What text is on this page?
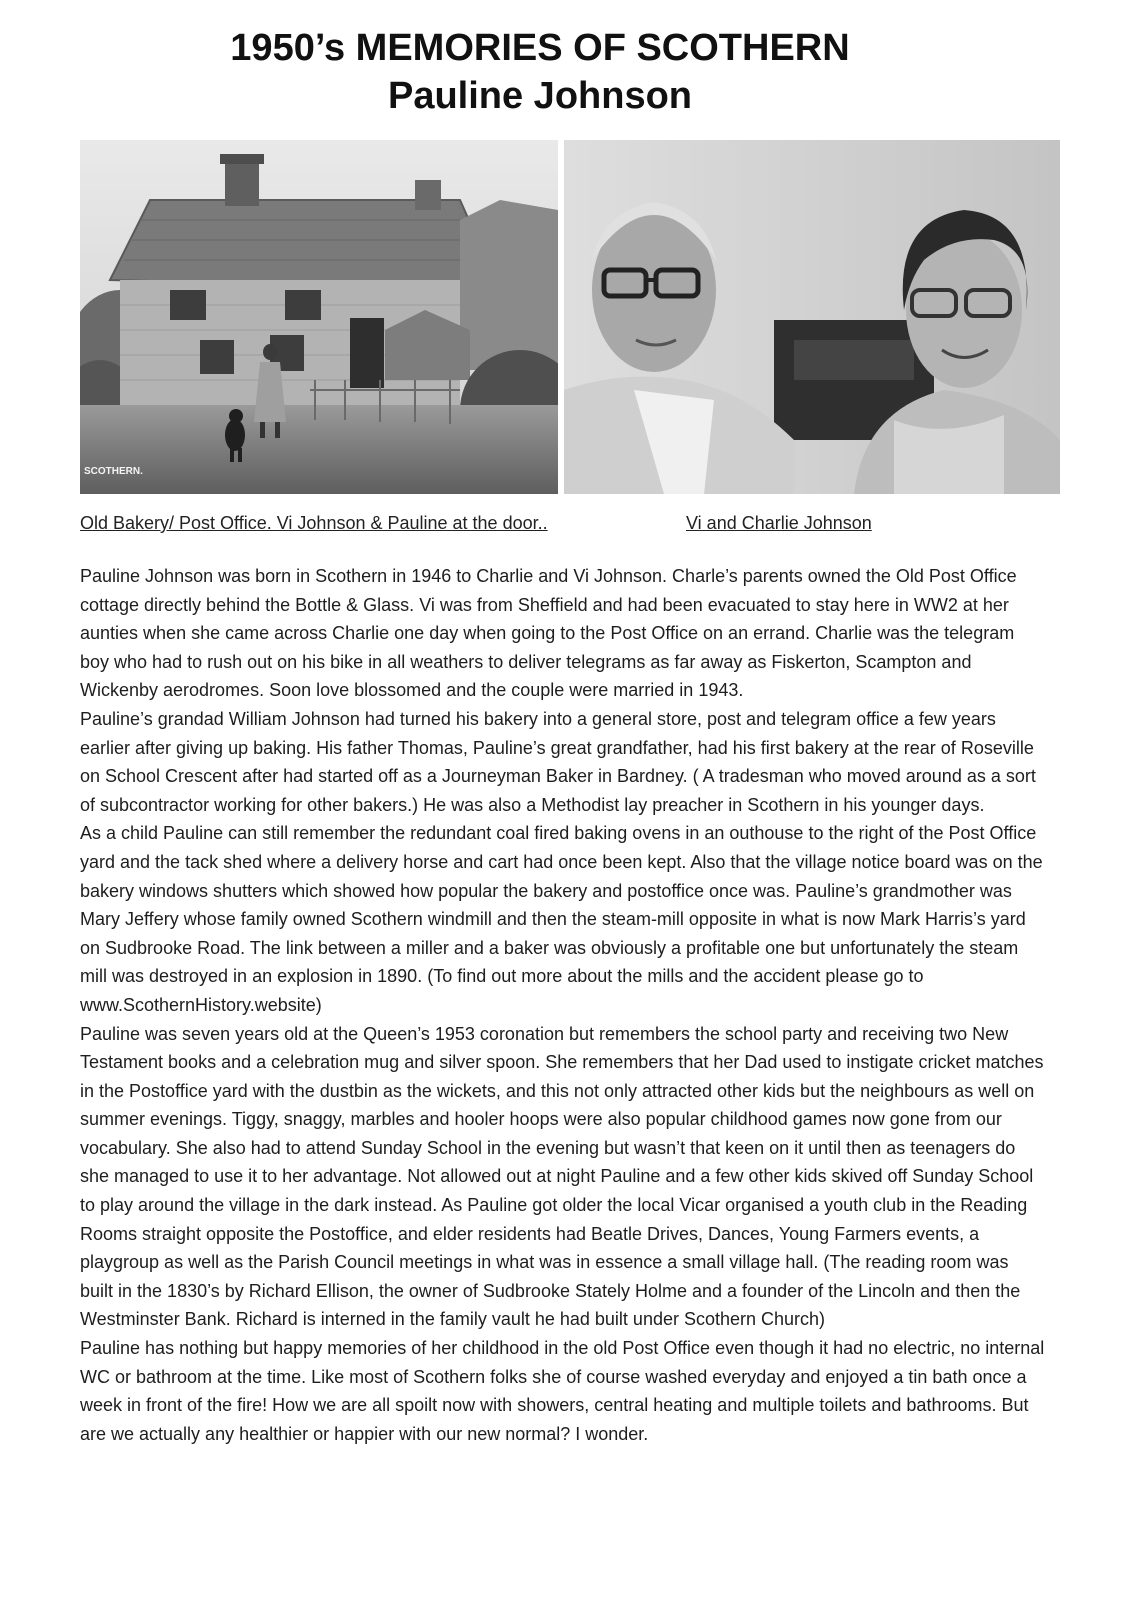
1950’s MEMORIES OF SCOTHERN
Pauline Johnson
SCOTHERN.
Old Bakery/ Post Office. Vi Johnson & Pauline at the door..	Vi and Charlie Johnson

Pauline Johnson was born in Scothern in 1946 to Charlie and Vi Johnson. Charle’s parents owned the Old Post Office cottage directly behind the Bottle & Glass. Vi was from Sheffield and had been evacuated to stay here in WW2 at her aunties when she came across Charlie one day when going to the Post Office on an errand. Charlie was the telegram boy who had to rush out on his bike in all weathers to deliver telegrams as far away as Fiskerton, Scampton and Wickenby aerodromes. Soon love blossomed and the couple were married in 1943.

Pauline’s grandad William Johnson had turned his bakery into a general store, post and telegram office a few years earlier after giving up baking. His father Thomas, Pauline’s great grandfather, had his first bakery at the rear of Roseville on School Crescent after had started off as a Journeyman Baker in Bardney. ( A tradesman who moved around as a sort of subcontractor working for other bakers.) He was also a Methodist lay preacher in Scothern in his younger days.

As a child Pauline can still remember the redundant coal fired baking ovens in an outhouse to the right of the Post Office yard and the tack shed where a delivery horse and cart had once been kept. Also that the village notice board was on the bakery windows shutters which showed how popular the bakery and postoffice once was. Pauline’s grandmother was Mary Jeffery whose family owned Scothern windmill and then the steam-mill opposite in what is now Mark Harris’s yard on Sudbrooke Road. The link between a miller and a baker was obviously a profitable one but unfortunately the steam mill was destroyed in an explosion in 1890. (To find out more about the mills and the accident please go to www.ScothernHistory.website)

Pauline was seven years old at the Queen’s 1953 coronation but remembers the school party and receiving two New Testament books and a celebration mug and silver spoon. She remembers that her Dad used to instigate cricket matches in the Postoffice yard with the dustbin as the wickets, and this not only attracted other kids but the neighbours as well on summer evenings. Tiggy, snaggy, marbles and hooler hoops were also popular childhood games now gone from our vocabulary. She also had to attend Sunday School in the evening but wasn’t that keen on it until then as teenagers do she managed to use it to her advantage. Not allowed out at night Pauline and a few other kids skived off Sunday School to play around the village in the dark instead. As Pauline got older the local Vicar organised a youth club in the Reading Rooms straight opposite the Postoffice, and elder residents had Beatle Drives, Dances, Young Farmers events, a playgroup as well as the Parish Council meetings in what was in essence a small village hall. (The reading room was built in the 1830’s by Richard Ellison, the owner of Sudbrooke Stately Holme and a founder of the Lincoln and then the Westminster Bank. Richard is interned in the family vault he had built under Scothern Church)

Pauline has nothing but happy memories of her childhood in the old Post Office even though it had no electric, no internal WC or bathroom at the time. Like most of Scothern folks she of course washed everyday and enjoyed a tin bath once a week in front of the fire! How we are all spoilt now with showers, central heating and multiple toilets and bathrooms. But are we actually any healthier or happier with our new normal? I wonder.
